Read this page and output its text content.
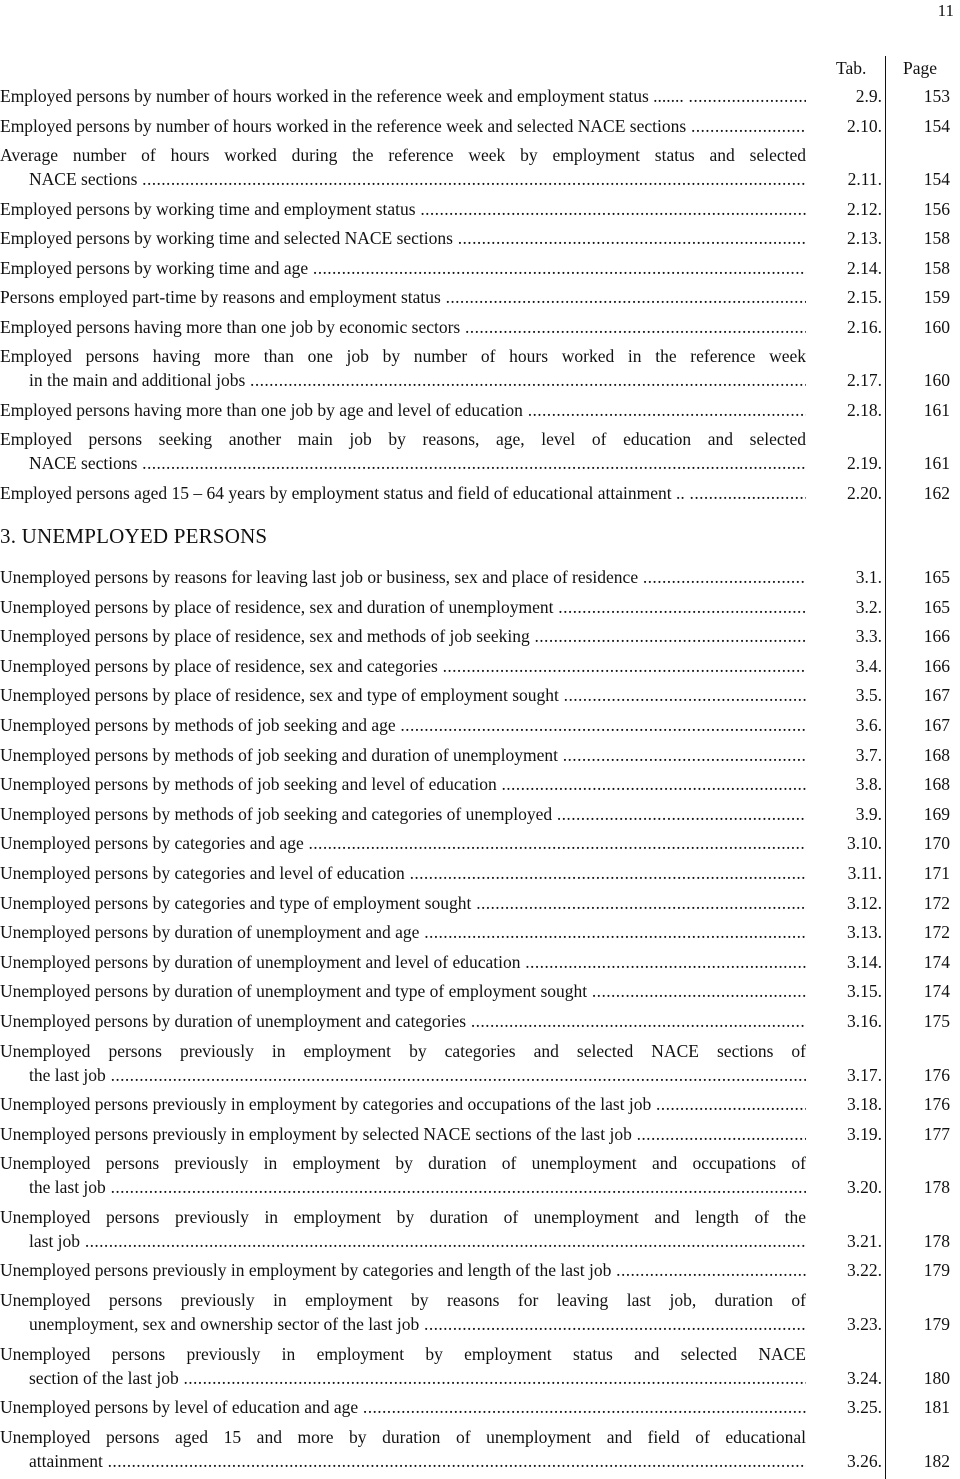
11
Tab. Page
Employed persons by number of hours worked in the reference week and employment status ....... .....	2.9.	153
Employed persons by number of hours worked in the reference week and selected NACE sections .....	2.10.	154
Average number of hours worked during the reference week by employment status and selected
NACE sections .....	2.11.	154
Employed persons by working time and employment status .....	2.12.	156
Employed persons by working time and selected NACE sections .....	2.13.	158
Employed persons by working time and age .....	2.14.	158
Persons employed part-time by reasons and employment status .....	2.15.	159
Employed persons having more than one job by economic sectors .....	2.16.	160
Employed persons having more than one job by number of hours worked in the reference week
in the main and additional jobs .....	2.17.	160
Employed persons having more than one job by age and level of education .....	2.18.	161
Employed persons seeking another main job by reasons, age, level of education and selected
NACE sections .....	2.19.	161
Employed persons aged 15 – 64 years by employment status and field of educational attainment .. .....	2.20.	162
3. UNEMPLOYED PERSONS
Unemployed persons by reasons for leaving last job or business, sex and place of residence .....	3.1.	165
Unemployed persons by place of residence, sex and duration of unemployment .....	3.2.	165
Unemployed persons by place of residence, sex and methods of job seeking .....	3.3.	166
Unemployed persons by place of residence, sex and categories .....	3.4.	166
Unemployed persons by place of residence, sex and type of employment sought .....	3.5.	167
Unemployed persons by methods of job seeking and age .....	3.6.	167
Unemployed persons by methods of job seeking and duration of unemployment .....	3.7.	168
Unemployed persons by methods of job seeking and level of education .....	3.8.	168
Unemployed persons by methods of job seeking and categories of unemployed .....	3.9.	169
Unemployed persons by categories and age .....	3.10.	170
Unemployed persons by categories and level of education .....	3.11.	171
Unemployed persons by categories and type of employment sought .....	3.12.	172
Unemployed persons by duration of unemployment and age .....	3.13.	172
Unemployed persons by duration of unemployment and level of education .....	3.14.	174
Unemployed persons by duration of unemployment and type of employment sought .....	3.15.	174
Unemployed persons by duration of unemployment and categories .....	3.16.	175
Unemployed persons previously in employment by categories and selected NACE sections of
the last job .....	3.17.	176
Unemployed persons previously in employment by categories and occupations of the last job .....	3.18.	176
Unemployed persons previously in employment by selected NACE sections of the last job .....	3.19.	177
Unemployed persons previously in employment by duration of unemployment and occupations of
the last job .....	3.20.	178
Unemployed persons previously in employment by duration of unemployment and length of the
last job .....	3.21.	178
Unemployed persons previously in employment by categories and length of the last job .....	3.22.	179
Unemployed persons previously in employment by reasons for leaving last job, duration of
unemployment, sex and ownership sector of the last job .....	3.23.	179
Unemployed persons previously in employment by employment status and selected NACE
section of the last job .....	3.24.	180
Unemployed persons by level of education and age .....	3.25.	181
Unemployed persons aged 15 and more by duration of unemployment and field of educational
attainment .....	3.26.	182
